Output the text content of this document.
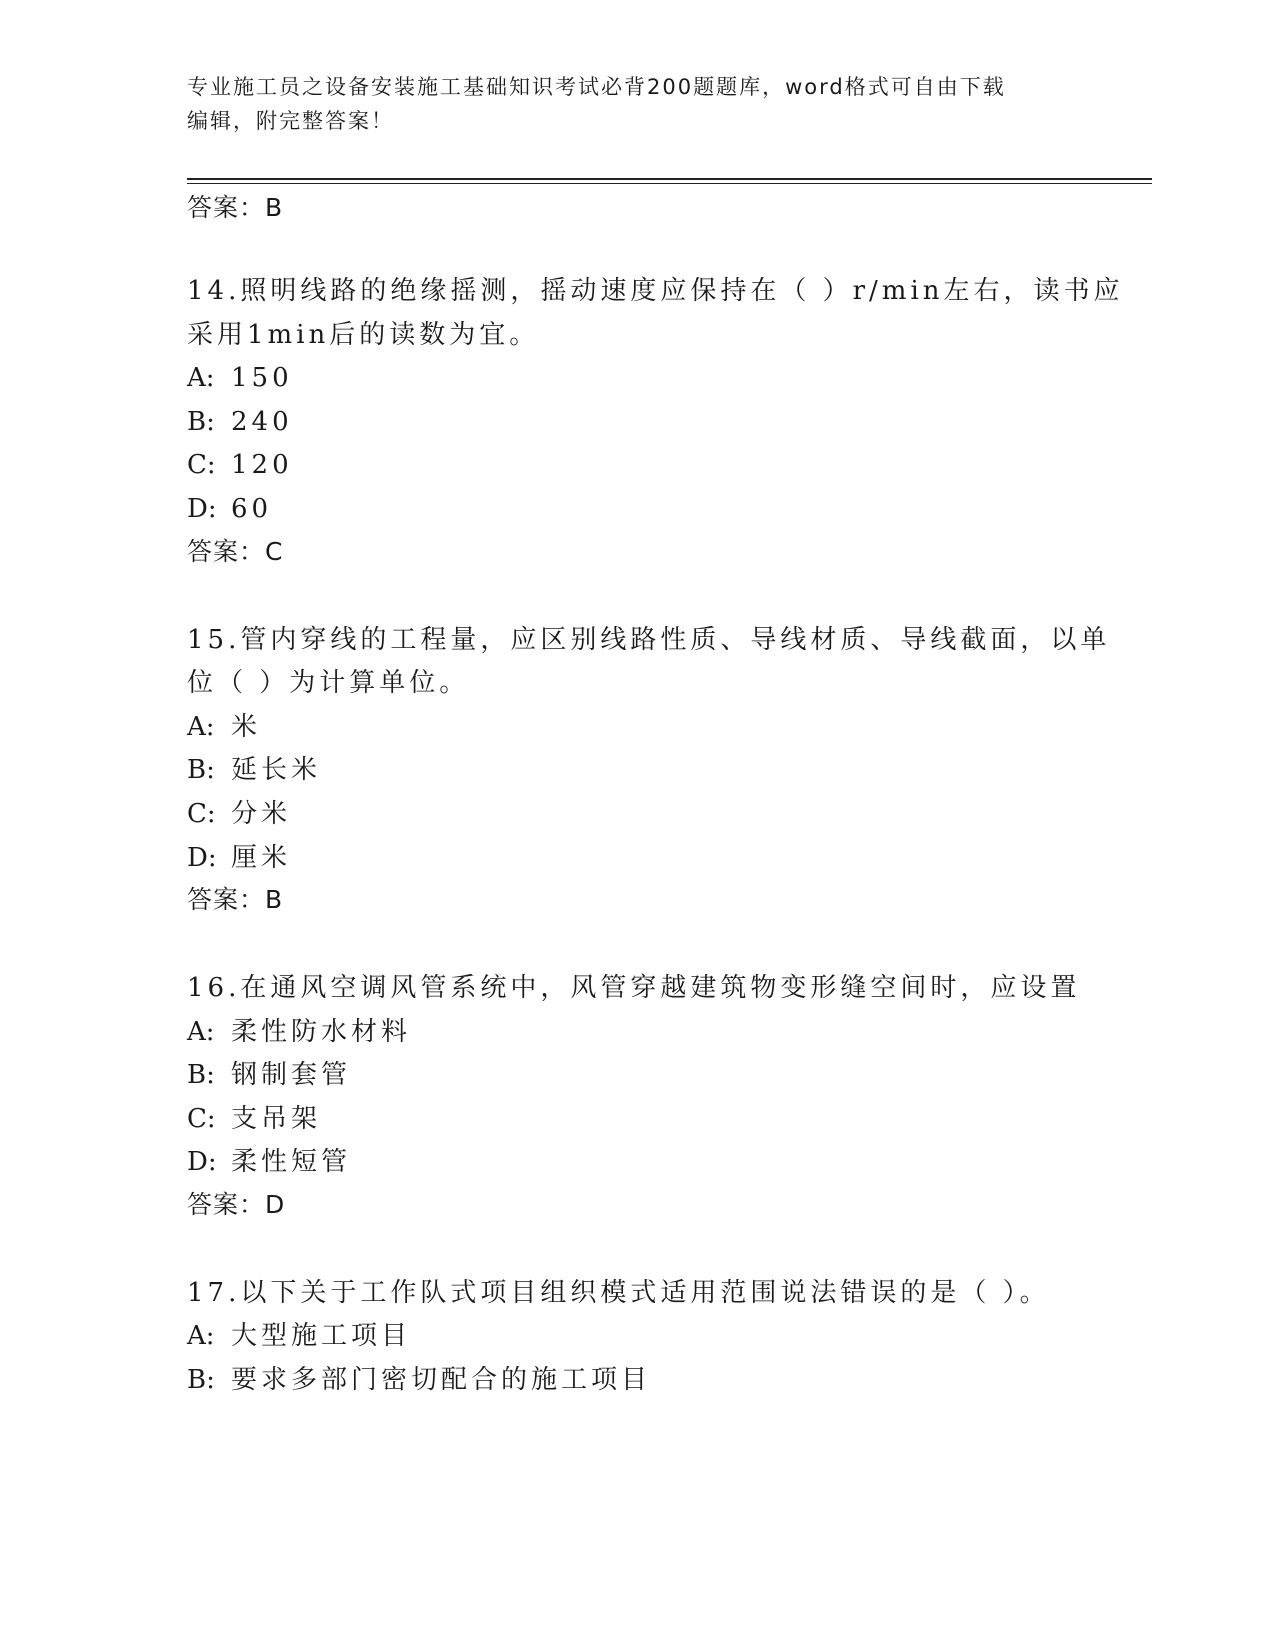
专业施工员之设备安装施工基础知识考试必背200题题库，word格式可自由下载
编辑，附完整答案！
答案：B
14.照明线路的绝缘摇测，摇动速度应保持在（ ）r/min左右，读书应
采用1min后的读数为宜。
A: 150
B: 240
C: 120
D: 60
答案：C
15.管内穿线的工程量，应区别线路性质、导线材质、导线截面，以单
位（ ）为计算单位。
A: 米
B: 延长米
C: 分米
D: 厘米
答案：B
16.在通风空调风管系统中，风管穿越建筑物变形缝空间时，应设置
A: 柔性防水材料
B: 钢制套管
C: 支吊架
D: 柔性短管
答案：D
17.以下关于工作队式项目组织模式适用范围说法错误的是（ ）。
A: 大型施工项目
B: 要求多部门密切配合的施工项目
